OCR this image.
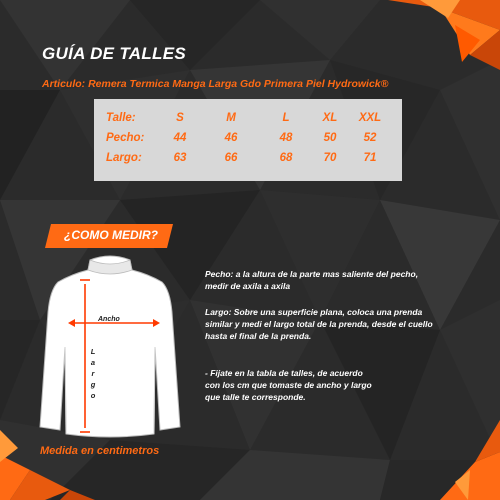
GUÍA DE TALLES

Articulo: Remera Termica Manga Larga Gdo Primera Piel Hydrowick®

Talle:	S	M	L	XL	XXL
Pecho:	44	46	48	50	52
Largo:	63	66	68	70	71

¿COMO MEDIR?

Ancho
L
a
r
g
o

Medida en centimetros

Pecho: a la altura de la parte mas saliente del pecho,
medir de axila a axila

Largo: Sobre una superficie plana, coloca una prenda
similar y medi el largo total de la prenda, desde el cuello
hasta el final de la prenda.

- Fijate en la tabla de talles, de acuerdo
con los cm que tomaste de ancho y largo
que talle te corresponde.
